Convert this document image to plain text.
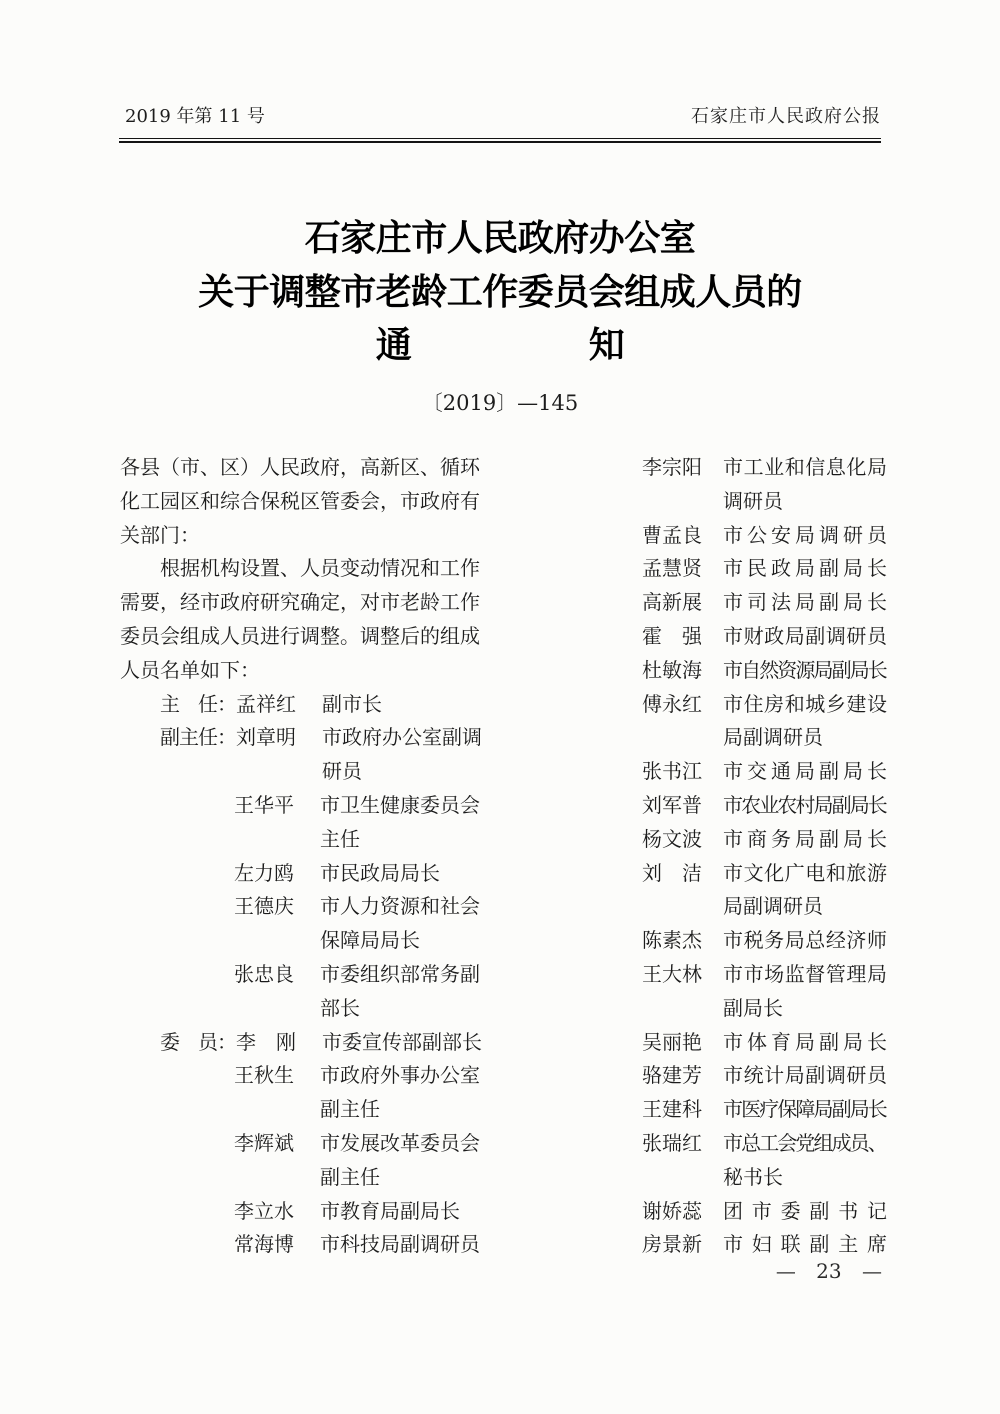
2019 年第 11 号	石家庄市人民政府公报
石家庄市人民政府办公室
关于调整市老龄工作委员会组成人员的
通　　　　　知
〔2019〕—145
各县（市、区）人民政府，高新区、循环
化工园区和综合保税区管委会，市政府有
关部门：
根据机构设置、人员变动情况和工作
需要，经市政府研究确定，对市老龄工作
委员会组成人员进行调整。调整后的组成
人员名单如下：
主　任： 孟祥红	副市长
副主任： 刘章明	市政府办公室副调
研员
王华平	市卫生健康委员会
主任
左力鸥	市民政局局长
王德庆	市人力资源和社会
保障局局长
张忠良	市委组织部常务副
部长
委　员： 李　刚	市委宣传部副部长
王秋生	市政府外事办公室
副主任
李辉斌	市发展改革委员会
副主任
李立水	市教育局副局长
常海博	市科技局副调研员
李宗阳	市工业和信息化局
调研员
曹孟良	市公安局调研员
孟慧贤	市民政局副局长
高新展	市司法局副局长
霍　强	市财政局副调研员
杜敏海	市自然资源局副局长
傅永红	市住房和城乡建设
局副调研员
张书江	市交通局副局长
刘军普	市农业农村局副局长
杨文波	市商务局副局长
刘　洁	市文化广电和旅游
局副调研员
陈素杰	市税务局总经济师
王大林	市市场监督管理局
副局长
吴丽艳	市体育局副局长
骆建芳	市统计局副调研员
王建科	市医疗保障局副局长
张瑞红	市总工会党组成员、
秘书长
谢娇蕊	团市委副书记
房景新	市妇联副主席
— 23 —
